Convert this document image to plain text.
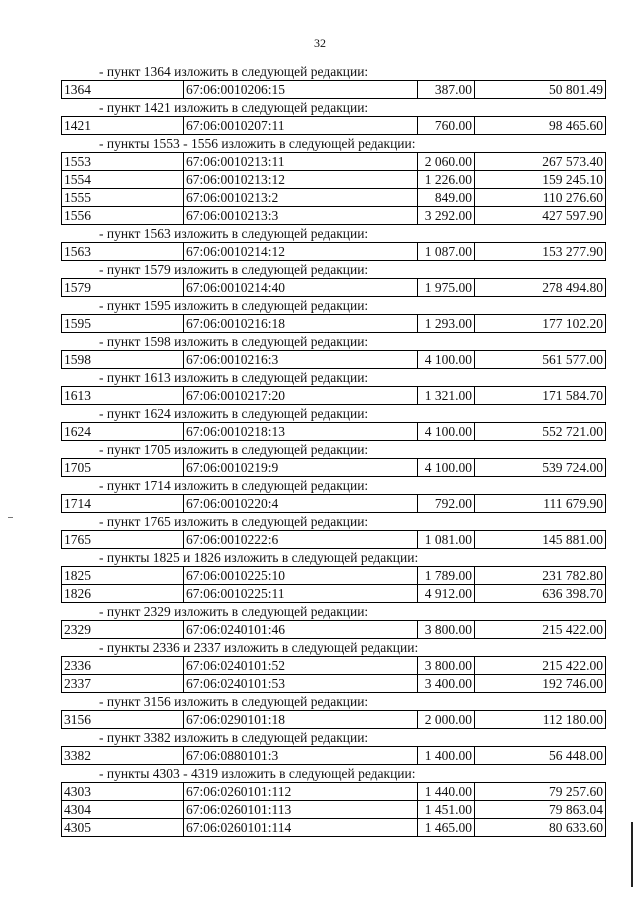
32
- пункт 1364 изложить в следующей редакции:
1364	67:06:0010206:15	387.00	50 801.49
- пункт 1421 изложить в следующей редакции:
1421	67:06:0010207:11	760.00	98 465.60
- пункты 1553 - 1556 изложить в следующей редакции:
1553	67:06:0010213:11	2 060.00	267 573.40
1554	67:06:0010213:12	1 226.00	159 245.10
1555	67:06:0010213:2	849.00	110 276.60
1556	67:06:0010213:3	3 292.00	427 597.90
- пункт 1563 изложить в следующей редакции:
1563	67:06:0010214:12	1 087.00	153 277.90
- пункт 1579 изложить в следующей редакции:
1579	67:06:0010214:40	1 975.00	278 494.80
- пункт 1595 изложить в следующей редакции:
1595	67:06:0010216:18	1 293.00	177 102.20
- пункт 1598 изложить в следующей редакции:
1598	67:06:0010216:3	4 100.00	561 577.00
- пункт 1613 изложить в следующей редакции:
1613	67:06:0010217:20	1 321.00	171 584.70
- пункт 1624 изложить в следующей редакции:
1624	67:06:0010218:13	4 100.00	552 721.00
- пункт 1705 изложить в следующей редакции:
1705	67:06:0010219:9	4 100.00	539 724.00
- пункт 1714 изложить в следующей редакции:
1714	67:06:0010220:4	792.00	111 679.90
- пункт 1765 изложить в следующей редакции:
1765	67:06:0010222:6	1 081.00	145 881.00
- пункты 1825 и 1826 изложить в следующей редакции:
1825	67:06:0010225:10	1 789.00	231 782.80
1826	67:06:0010225:11	4 912.00	636 398.70
- пункт 2329 изложить в следующей редакции:
2329	67:06:0240101:46	3 800.00	215 422.00
- пункты 2336 и 2337 изложить в следующей редакции:
2336	67:06:0240101:52	3 800.00	215 422.00
2337	67:06:0240101:53	3 400.00	192 746.00
- пункт 3156 изложить в следующей редакции:
3156	67:06:0290101:18	2 000.00	112 180.00
- пункт 3382 изложить в следующей редакции:
3382	67:06:0880101:3	1 400.00	56 448.00
- пункты 4303 - 4319 изложить в следующей редакции:
4303	67:06:0260101:112	1 440.00	79 257.60
4304	67:06:0260101:113	1 451.00	79 863.04
4305	67:06:0260101:114	1 465.00	80 633.60
